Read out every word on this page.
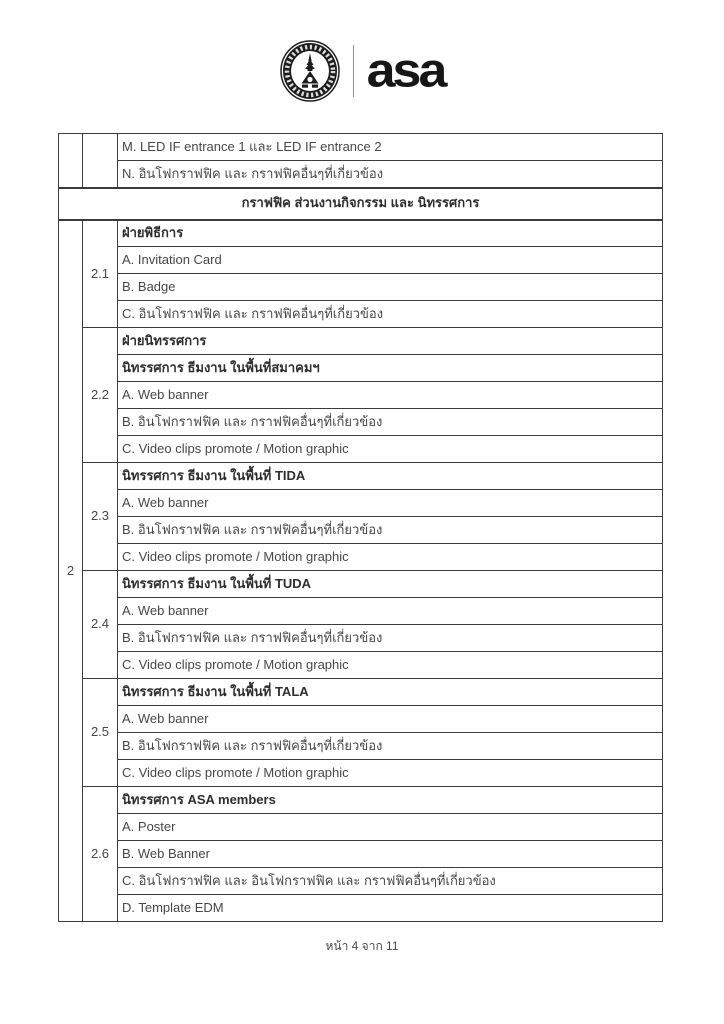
asa
		M. LED IF entrance 1 และ LED IF entrance 2
		N. อินโฟกราฟฟิค และ กราฟฟิคอื่นๆที่เกี่ยวข้อง
กราฟฟิค ส่วนงานกิจกรรม และ นิทรรศการ		
2	2.1	ฝ่ายพิธีการ
		A. Invitation Card
		B. Badge
		C. อินโฟกราฟฟิค และ กราฟฟิคอื่นๆที่เกี่ยวข้อง
	2.2	ฝ่ายนิทรรศการ
		นิทรรศการ ธีมงาน ในพื้นที่สมาคมฯ
		A. Web banner
		B. อินโฟกราฟฟิค และ กราฟฟิคอื่นๆที่เกี่ยวข้อง
		C. Video clips promote / Motion graphic
	2.3	นิทรรศการ ธีมงาน ในพื้นที่ TIDA
		A. Web banner
		B. อินโฟกราฟฟิค และ กราฟฟิคอื่นๆที่เกี่ยวข้อง
		C. Video clips promote / Motion graphic
	2.4	นิทรรศการ ธีมงาน ในพื้นที่ TUDA
		A. Web banner
		B. อินโฟกราฟฟิค และ กราฟฟิคอื่นๆที่เกี่ยวข้อง
		C. Video clips promote / Motion graphic
	2.5	นิทรรศการ ธีมงาน ในพื้นที่ TALA
		A. Web banner
		B. อินโฟกราฟฟิค และ กราฟฟิคอื่นๆที่เกี่ยวข้อง
		C. Video clips promote / Motion graphic
	2.6	นิทรรศการ ASA members
		A. Poster
		B. Web Banner
		C. อินโฟกราฟฟิค และ อินโฟกราฟฟิค และ กราฟฟิคอื่นๆที่เกี่ยวข้อง
		D. Template EDM
หน้า 4 จาก 11
